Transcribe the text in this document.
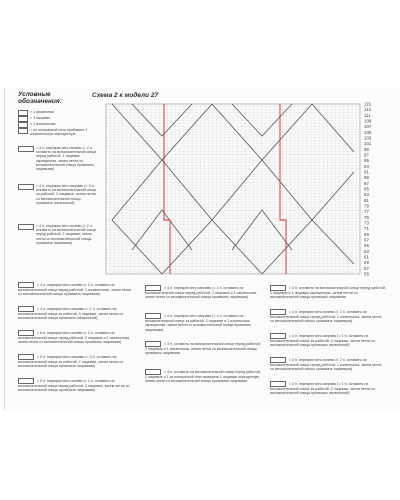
Условные
обозначения:
Схема 2 к модели 27
= 1 кромочная
= 1 лицевая
= 1 изнаночная
= из поперечной нити прибавить 1 изначеночную скрещенную
= 4 п. перекрестить налево (= 2 п. оставить на вспомогательной спице перед работой, 1 лицевая скрещенная, затем петли со вспомогательной спицы провязать лицевыми)
= 4 п. перекрестить направо (= 2 п. оставить на вспомогательной спице за работой, 2 лицевые, затем петли со вспомогательной спицы провязать изнаночной)
= 4 п. перекрестить налево (= 2 п. оставить на вспомогательной спице перед работой, 2 лицевые, затем петли со вспомогательной спицы провязать лицевыми)
115
113
111
109
107
105
103
101
99
97
95
93
91
89
87
85
83
81
79
77
75
73
71
69
67
65
63
61
59
57
55
= 4 п. перекрестить налево (= 3 п. оставить на вспомогательной спице перед работой, 1 изначночная, затем петли со вспомогательной спицы провязать лицевыми)
= 4 п. перекрестить направо (= 1 п. оставить на вспомогательной спице за работой, 3 лицевые, затем петли со вспомогательной спицы провязать изнаночной)
= 6 п. перекрестить налево (= 3 п. оставить на вспомогательной спице перед работой, 2 лицевые и 1 изнаночная, затем петли со вспомогательной спицы провязать лицевыми)
= 5 п. перекрестить направо (= 3 п. оставить на вспомогательной спице за работой, 2 лицевые, затем петли со вспомогательной спицы провязать лицевыми)
= 5 п. перекрестить налево (= 2 п. оставить на вспомогательной спице перед работой, 3 лицевые, затем петли со вспомогательной спицы провязать лицевыми)
= 4 п. перекрестить направо (= 1 п. оставить на вспомогательной спице перед работой, 2 лицевые и 1 изнаночная, затем петли со вспомогательной спицы провязать лицевыми)
= 4 п. перекрестить направо (= 1 п. оставить на вспомогательной спице за работой, 2 лицевые и 1 изнаночная скрещенная, затем петли со вспомогательной спицы провязать лицевыми)
= 3 п. оставить на вспомогательной спице перед работой, 2 лицевые и 1 изнаночная, затем петли со вспомогательной спицы провязать лицевыми
= 3 п. оставить на вспомогательной спице перед работой, 2 лицевые и 1 из поперечной нити вывязать 1 лицевую скрещенную, затем петли со вспомогательной спицы провязать лицевыми
= 3 п. оставить на вспомогательной спице перед работой, 1 лицевую и 1 лицевую скрещенную, затем петли со вспомогательной спицы провязать лицевыми
= 4 п. перекрестить налево (= 3 п. оставить на вспомогательной спице перед работой, 1 изнаночная, затем петли со вспомогательной спицы провязать лицевыми)
= 4 п. перекрестить направо (= 1 п. оставить на вспомогательной спице за работой, 3 лицевые, затем петли со вспомогательной спицы провязать изнаночной)
= 3 п. перекрестить налево (= 2 п. оставить на вспомогательной спице перед работой, 1 изнаночная, затем петли со вспомогательной спицы провязать лицевыми)
= 3 п. перекрестить направо (= 1 п. оставить на вспомогательной спице за работой, 2 лицевые, затем петли со вспомогательной спицы провязать изнаночной)
